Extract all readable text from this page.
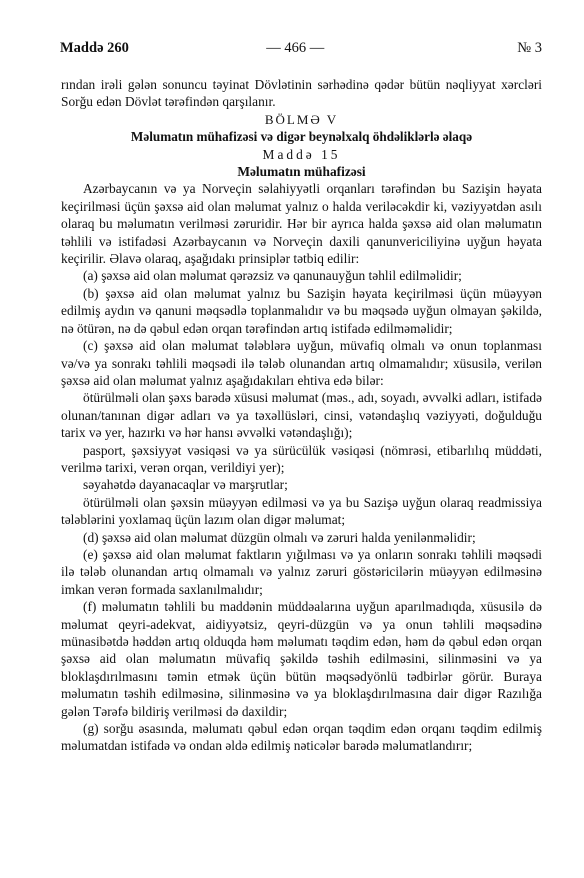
Maddə 260	— 466 —	№ 3

rından irəli gələn sonuncu təyinat Dövlətinin sərhədinə qədər bütün nəqliyyat xərcləri Sorğu edən Dövlət tərəfindən qarşılanır.

BÖLMƏ V

Məlumatın mühafizəsi və digər beynəlxalq öhdəliklərlə əlaqə

Maddə 15

Məlumatın mühafizəsi

Azərbaycanın və ya Norveçin səlahiyyətli orqanları tərəfindən bu Sazişin həyata keçirilməsi üçün şəxsə aid olan məlumat yalnız o halda veriləcəkdir ki, vəziyyətdən asılı olaraq bu məlumatın verilməsi zəruridir. Hər bir ayrıca halda şəxsə aid olan məlumatın təhlili və istifadəsi Azərbaycanın və Norveçin daxili qanunvericiliyinə uyğun həyata keçirilir. Əlavə olaraq, aşağıdakı prinsiplər tətbiq edilir:

(a) şəxsə aid olan məlumat qərəzsiz və qanunauyğun təhlil edilməlidir;

(b) şəxsə aid olan məlumat yalnız bu Sazişin həyata keçirilməsi üçün müəyyən edilmiş aydın və qanuni məqsədlə toplanmalıdır və bu məqsədə uyğun olmayan şəkildə, nə ötürən, nə də qəbul edən orqan tərəfindən artıq istifadə edilməməlidir;

(c) şəxsə aid olan məlumat tələblərə uyğun, müvafiq olmalı və onun toplanması və/və ya sonrakı təhlili məqsədi ilə tələb olunandan artıq olmamalıdır; xüsusilə, verilən şəxsə aid olan məlumat yalnız aşağıdakıları ehtiva edə bilər:

ötürülməli olan şəxs barədə xüsusi məlumat (məs., adı, soyadı, əvvəlki adları, istifadə olunan/tanınan digər adları və ya təxəllüsləri, cinsi, vətəndaşlıq vəziyyəti, doğulduğu tarix və yer, hazırkı və hər hansı əvvəlki vətəndaşlığı);

pasport, şəxsiyyət vəsiqəsi və ya sürücülük vəsiqəsi (nömrəsi, etibarlılıq müddəti, verilmə tarixi, verən orqan, verildiyi yer);

səyahətdə dayanacaqlar və marşrutlar;

ötürülməli olan şəxsin müəyyən edilməsi və ya bu Sazişə uyğun olaraq readmissiya tələblərini yoxlamaq üçün lazım olan digər məlumat;

(d) şəxsə aid olan məlumat düzgün olmalı və zəruri halda yenilənməlidir;

(e) şəxsə aid olan məlumat faktların yığılması və ya onların sonrakı təhlili məqsədi ilə tələb olunandan artıq olmamalı və yalnız zəruri göstəricilərin müəyyən edilməsinə imkan verən formada saxlanılmalıdır;

(f) məlumatın təhlili bu maddənin müddəalarına uyğun aparılmadıqda, xüsusilə də məlumat qeyri-adekvat, aidiyyətsiz, qeyri-düzgün və ya onun təhlili məqsədinə münasibətdə həddən artıq olduqda həm məlumatı təqdim edən, həm də qəbul edən orqan şəxsə aid olan məlumatın müvafiq şəkildə təshih edilməsini, silinməsini və ya bloklaşdırılmasını təmin etmək üçün bütün məqsədyönlü tədbirlər görür. Buraya məlumatın təshih edilməsinə, silinməsinə və ya bloklaşdırılmasına dair digər Razılığa gələn Tərəfə bildiriş verilməsi də daxildir;

(g) sorğu əsasında, məlumatı qəbul edən orqan təqdim edən orqanı təqdim edilmiş məlumatdan istifadə və ondan əldə edilmiş nəticələr barədə məlumatlandırır;
